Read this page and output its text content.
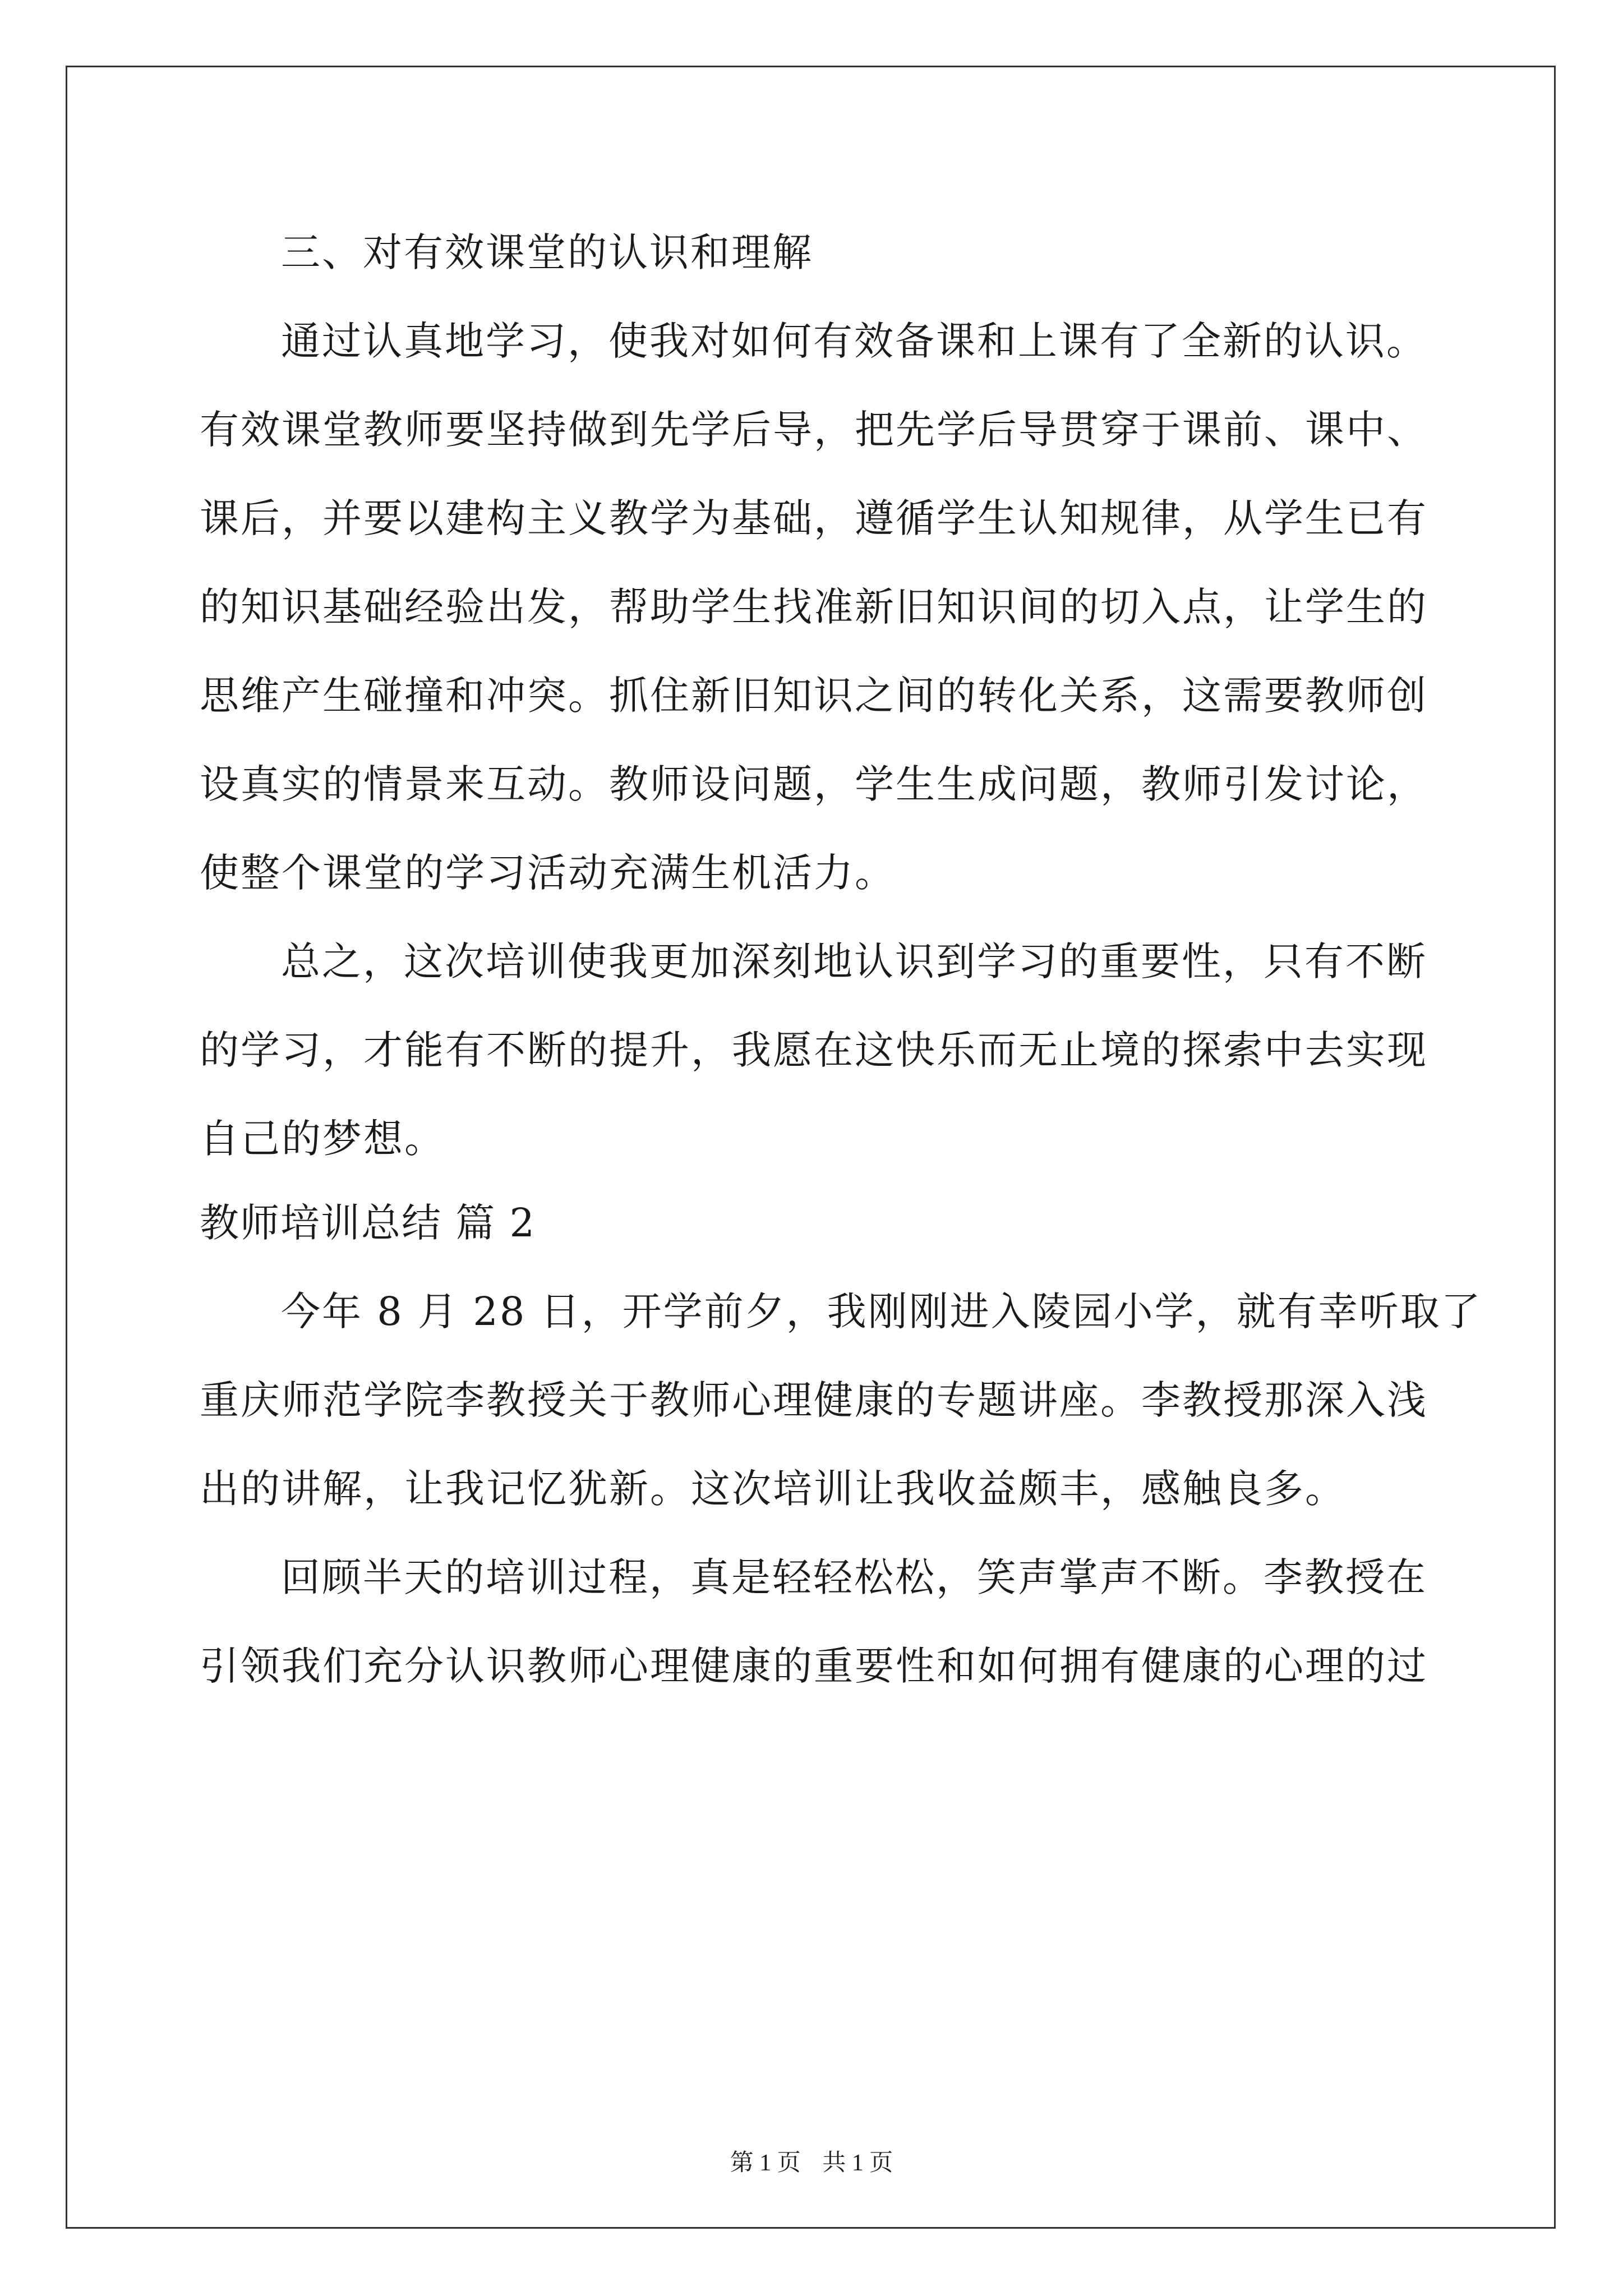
三、对有效课堂的认识和理解
通过认真地学习，使我对如何有效备课和上课有了全新的认识。
有效课堂教师要坚持做到先学后导，把先学后导贯穿于课前、课中、
课后，并要以建构主义教学为基础，遵循学生认知规律，从学生已有
的知识基础经验出发，帮助学生找准新旧知识间的切入点，让学生的
思维产生碰撞和冲突。抓住新旧知识之间的转化关系，这需要教师创
设真实的情景来互动。教师设问题，学生生成问题，教师引发讨论，
使整个课堂的学习活动充满生机活力。
总之，这次培训使我更加深刻地认识到学习的重要性，只有不断
的学习，才能有不断的提升，我愿在这快乐而无止境的探索中去实现
自己的梦想。
教师培训总结 篇 2
今年 8 月 28 日，开学前夕，我刚刚进入陵园小学，就有幸听取了
重庆师范学院李教授关于教师心理健康的专题讲座。李教授那深入浅
出的讲解，让我记忆犹新。这次培训让我收益颇丰，感触良多。
回顾半天的培训过程，真是轻轻松松，笑声掌声不断。李教授在
引领我们充分认识教师心理健康的重要性和如何拥有健康的心理的过
第 1 页 共 1 页
